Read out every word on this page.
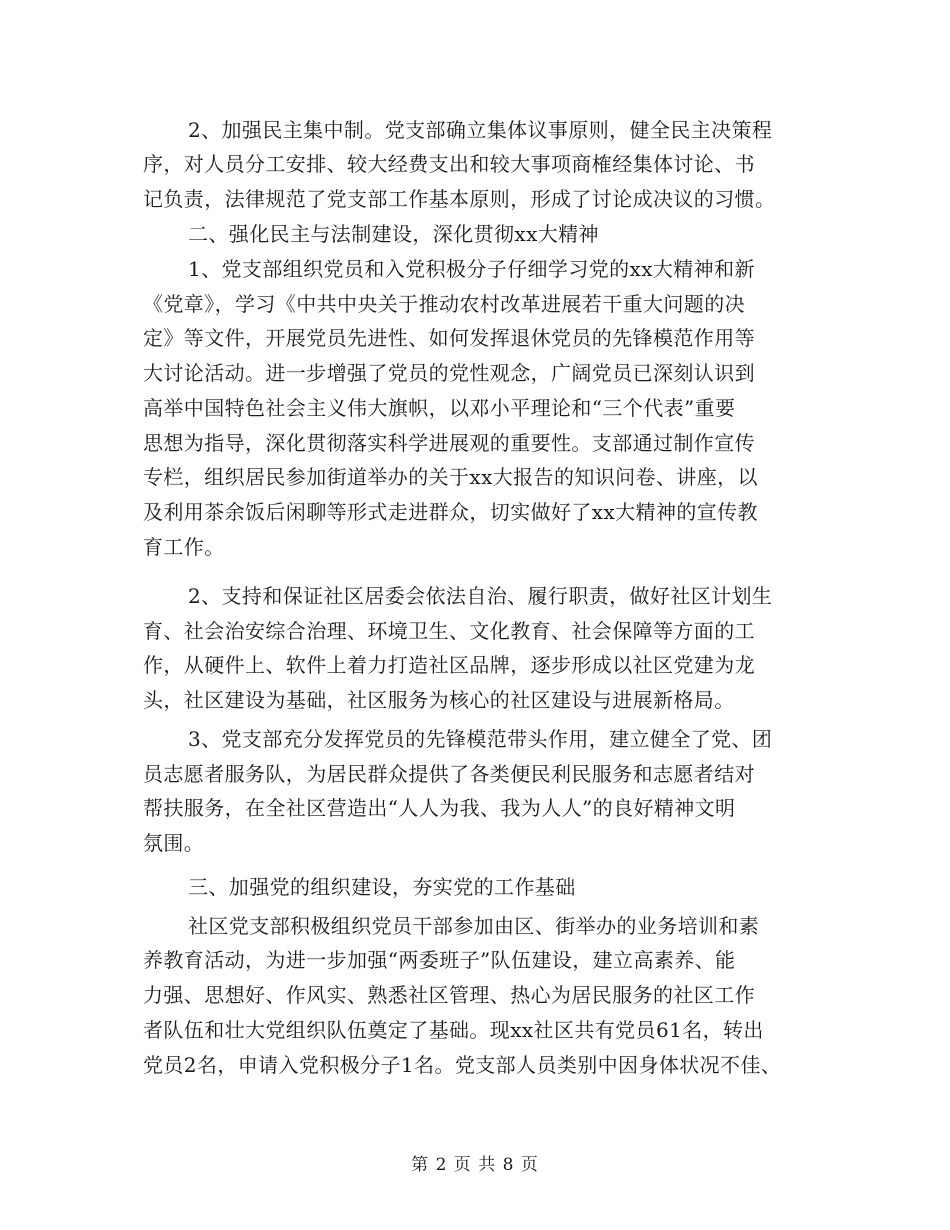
2、加强民主集中制。党支部确立集体议事原则，健全民主决策程
序，对人员分工安排、较大经费支出和较大事项商榷经集体讨论、书
记负责，法律规范了党支部工作基本原则，形成了讨论成决议的习惯。
二、强化民主与法制建设，深化贯彻xx大精神
1、党支部组织党员和入党积极分子仔细学习党的xx大精神和新
《党章》，学习《中共中央关于推动农村改革进展若干重大问题的决
定》等文件，开展党员先进性、如何发挥退休党员的先锋模范作用等
大讨论活动。进一步增强了党员的党性观念，广阔党员已深刻认识到
高举中国特色社会主义伟大旗帜，以邓小平理论和“三个代表”重要
思想为指导，深化贯彻落实科学进展观的重要性。支部通过制作宣传
专栏，组织居民参加街道举办的关于xx大报告的知识问卷、讲座，以
及利用茶余饭后闲聊等形式走进群众，切实做好了xx大精神的宣传教
育工作。
2、支持和保证社区居委会依法自治、履行职责，做好社区计划生
育、社会治安综合治理、环境卫生、文化教育、社会保障等方面的工
作，从硬件上、软件上着力打造社区品牌，逐步形成以社区党建为龙
头，社区建设为基础，社区服务为核心的社区建设与进展新格局。
3、党支部充分发挥党员的先锋模范带头作用，建立健全了党、团
员志愿者服务队，为居民群众提供了各类便民利民服务和志愿者结对
帮扶服务，在全社区营造出“人人为我、我为人人”的良好精神文明
氛围。
三、加强党的组织建设，夯实党的工作基础
社区党支部积极组织党员干部参加由区、街举办的业务培训和素
养教育活动，为进一步加强“两委班子”队伍建设，建立高素养、能
力强、思想好、作风实、熟悉社区管理、热心为居民服务的社区工作
者队伍和壮大党组织队伍奠定了基础。现xx社区共有党员61名，转出
党员2名，申请入党积极分子1名。党支部人员类别中因身体状况不佳、
第 2 页 共 8 页
